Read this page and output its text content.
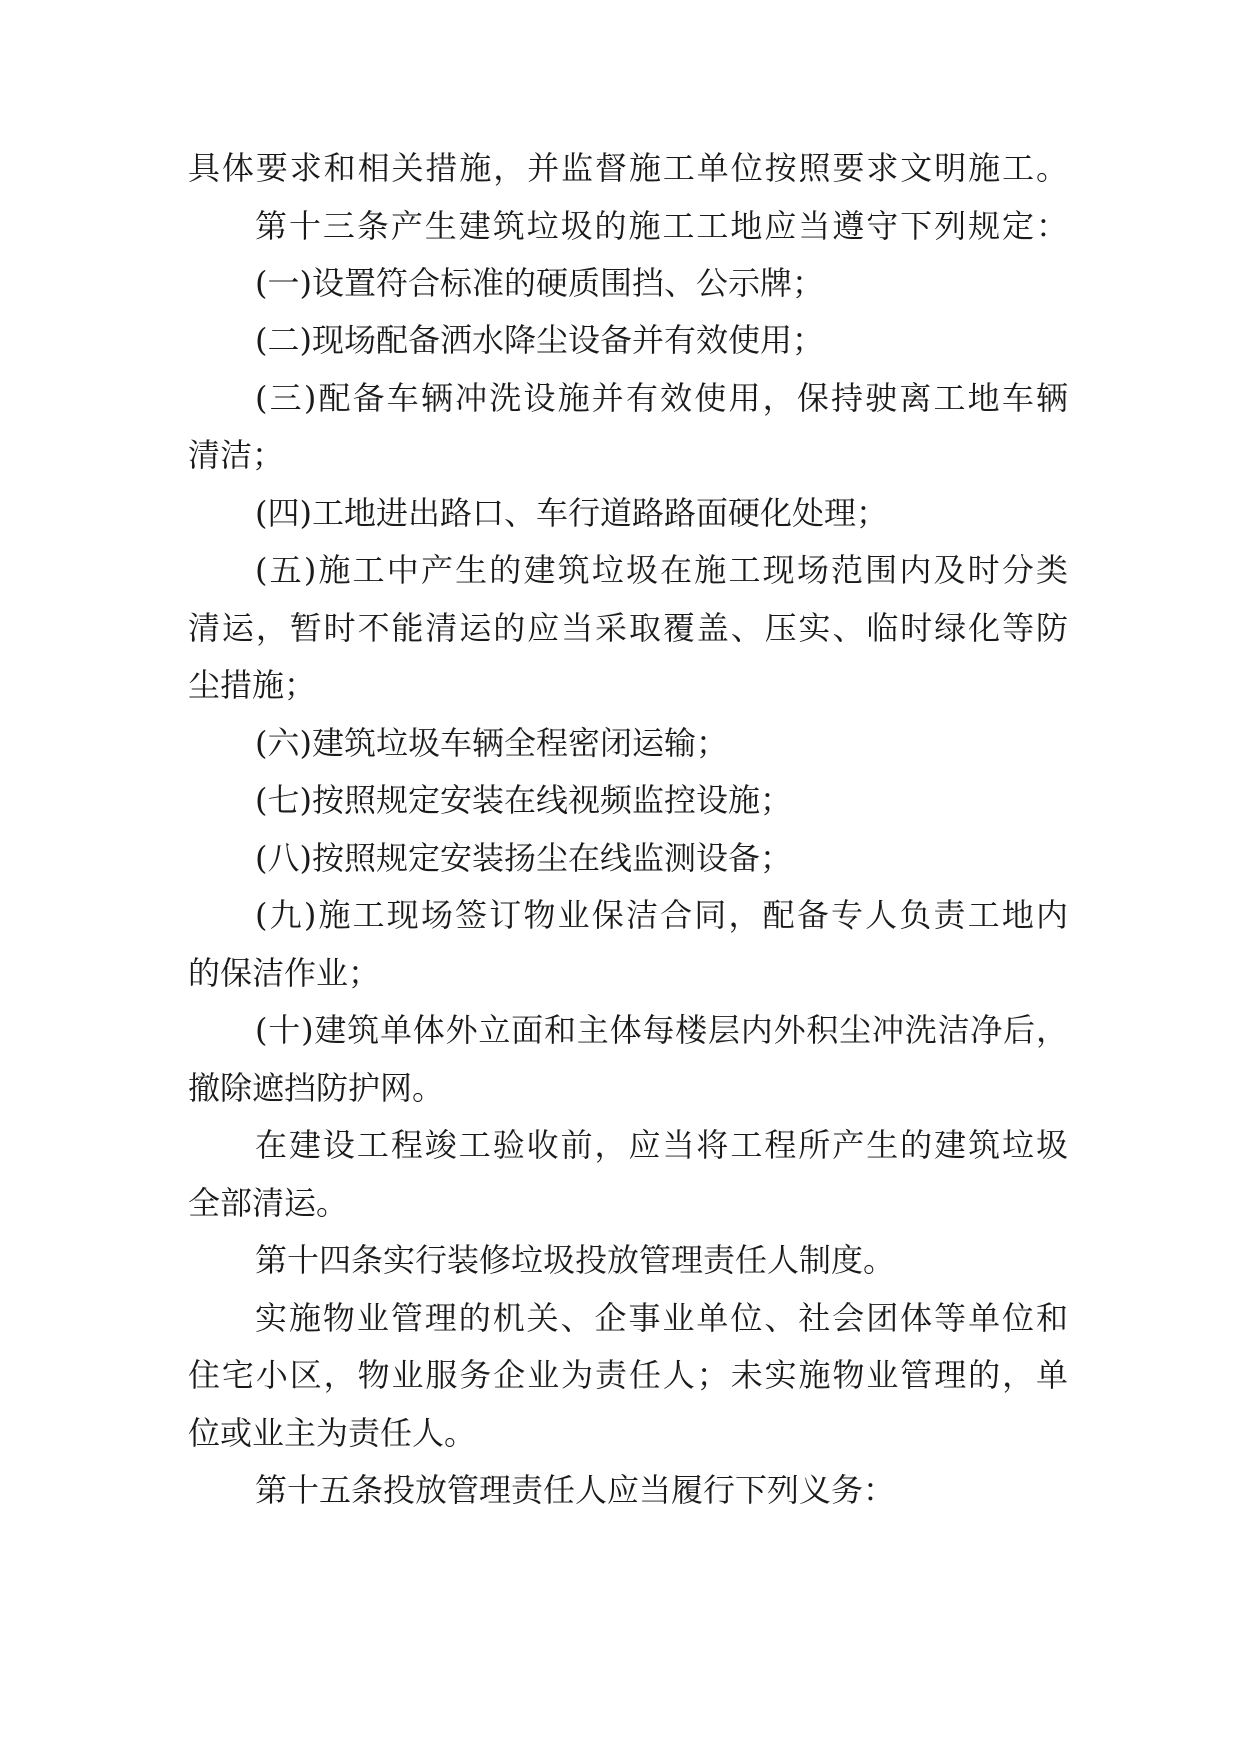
具体要求和相关措施，并监督施工单位按照要求文明施工。
第十三条产生建筑垃圾的施工工地应当遵守下列规定：
(一)设置符合标准的硬质围挡、公示牌；
(二)现场配备洒水降尘设备并有效使用；
(三)配备车辆冲洗设施并有效使用，保持驶离工地车辆
清洁；
(四)工地进出路口、车行道路路面硬化处理；
(五)施工中产生的建筑垃圾在施工现场范围内及时分类
清运，暂时不能清运的应当采取覆盖、压实、临时绿化等防
尘措施；
(六)建筑垃圾车辆全程密闭运输；
(七)按照规定安装在线视频监控设施；
(八)按照规定安装扬尘在线监测设备；
(九)施工现场签订物业保洁合同，配备专人负责工地内
的保洁作业；
(十)建筑单体外立面和主体每楼层内外积尘冲洗洁净后，
撤除遮挡防护网。
在建设工程竣工验收前，应当将工程所产生的建筑垃圾
全部清运。
第十四条实行装修垃圾投放管理责任人制度。
实施物业管理的机关、企事业单位、社会团体等单位和
住宅小区，物业服务企业为责任人；未实施物业管理的，单
位或业主为责任人。
第十五条投放管理责任人应当履行下列义务：
